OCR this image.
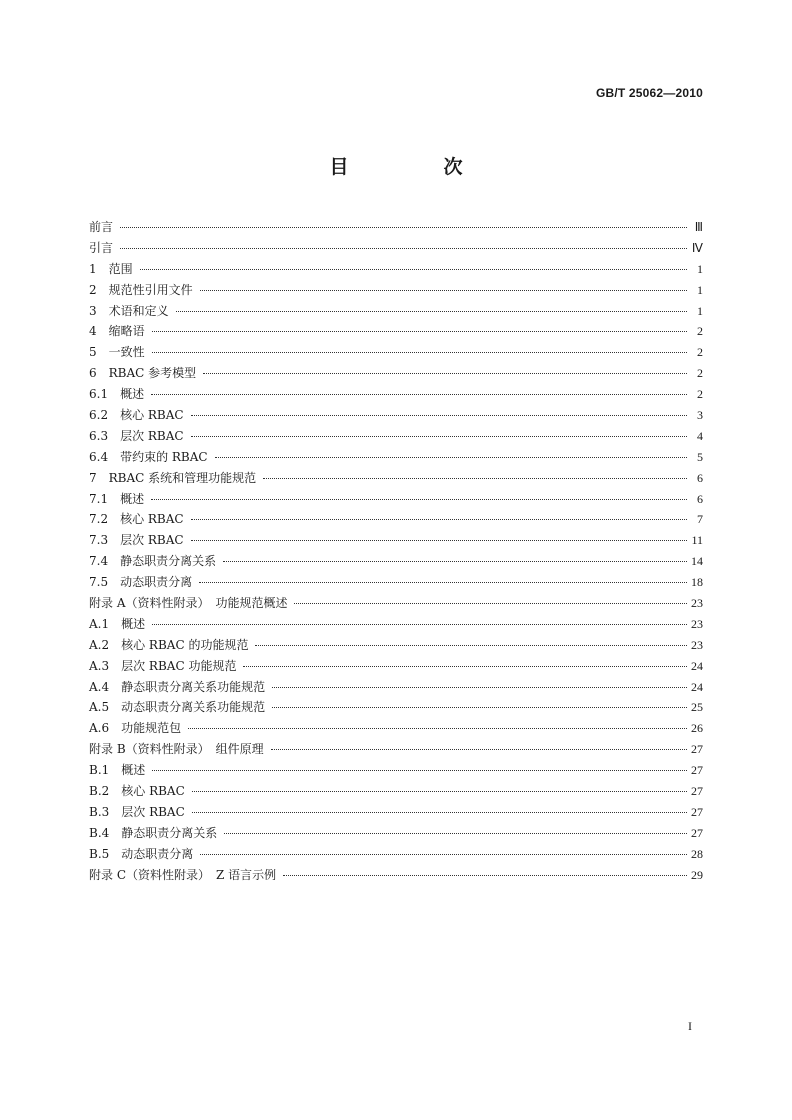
GB/T 25062—2010
目　次
前言	Ⅲ
引言	Ⅳ
1　范围	1
2　规范性引用文件	1
3　术语和定义	1
4　缩略语	2
5　一致性	2
6　RBAC 参考模型	2
6.1　概述	2
6.2　核心 RBAC	3
6.3　层次 RBAC	4
6.4　带约束的 RBAC	5
7　RBAC 系统和管理功能规范	6
7.1　概述	6
7.2　核心 RBAC	7
7.3　层次 RBAC	11
7.4　静态职责分离关系	14
7.5　动态职责分离	18
附录 A（资料性附录）　功能规范概述	23
A.1　概述	23
A.2　核心 RBAC 的功能规范	23
A.3　层次 RBAC 功能规范	24
A.4　静态职责分离关系功能规范	24
A.5　动态职责分离关系功能规范	25
A.6　功能规范包	26
附录 B（资料性附录）　组件原理	27
B.1　概述	27
B.2　核心 RBAC	27
B.3　层次 RBAC	27
B.4　静态职责分离关系	27
B.5　动态职责分离	28
附录 C（资料性附录）　Z 语言示例	29
I
